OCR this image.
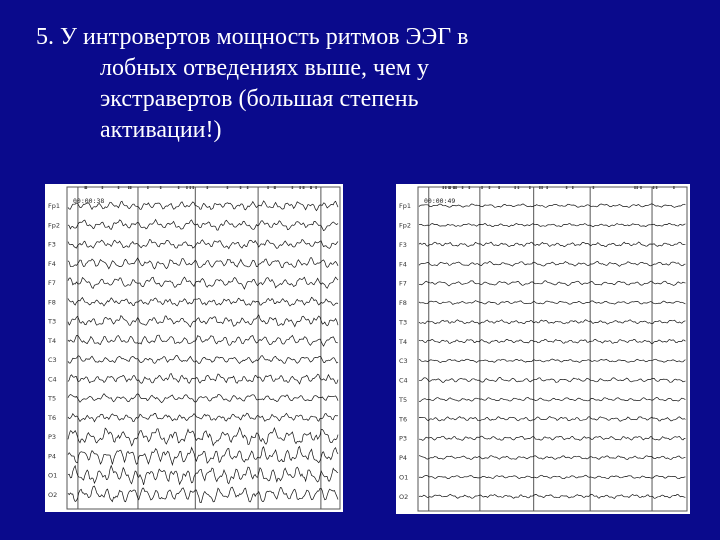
5. У интровертов мощность ритмов ЭЭГ в
лобных отведениях выше, чем у
экстравертов (большая степень
активации!)
00:00:38
Fp1
Fp2
F3
F4
F7
F8
T3
T4
C3
C4
T5
T6
P3
P4
O1
O2
00:00:49
Fp1
Fp2
F3
F4
F7
F8
T3
T4
C3
C4
T5
T6
P3
P4
O1
O2
